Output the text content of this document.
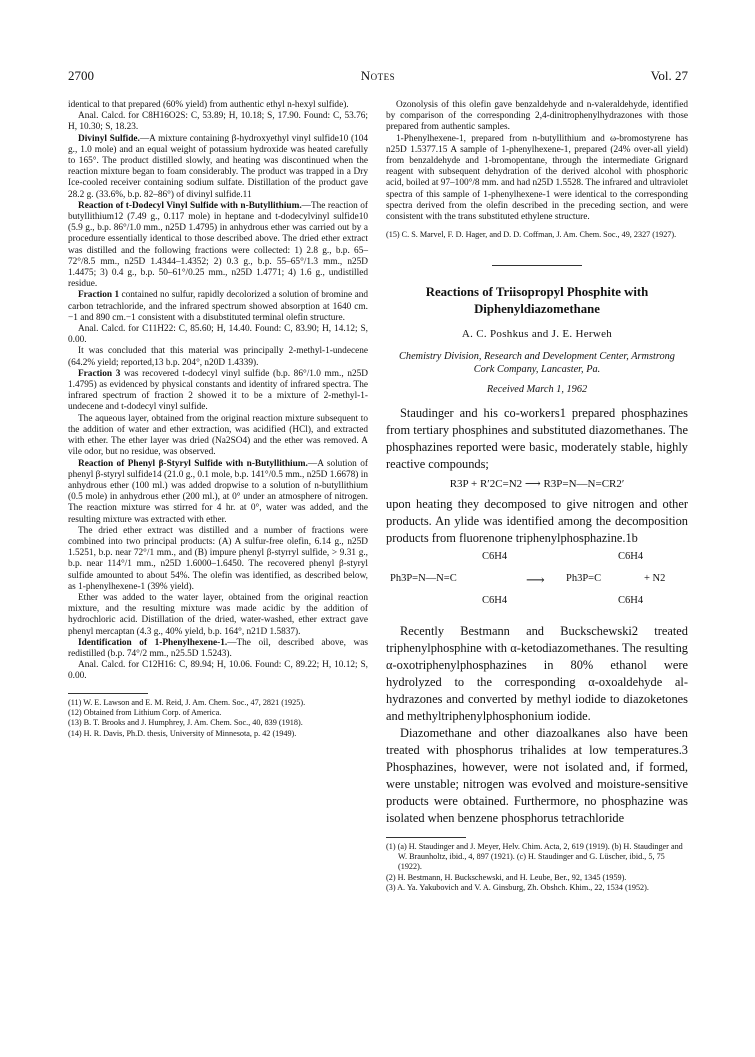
2700	Notes	Vol. 27

identical to that prepared (60% yield) from authentic ethyl n-hexyl sulfide).

Anal. Calcd. for C8H16O2S: C, 53.89; H, 10.18; S, 17.90. Found: C, 53.76; H, 10.30; S, 18.23.

Divinyl Sulfide.—A mixture containing β-hydroxyethyl vinyl sulfide10 (104 g., 1.0 mole) and an equal weight of potassium hydroxide was heated carefully to 165°. The product distilled slowly, and heating was discontinued when the reaction mixture began to foam considerably. The product was trapped in a Dry Ice-cooled receiver containing sodium sulfate. Distillation of the product gave 28.2 g. (33.6%, b.p. 82–86°) of divinyl sulfide.11

Reaction of t-Dodecyl Vinyl Sulfide with n-Butyllithium.—The reaction of butyllithium12 (7.49 g., 0.117 mole) in heptane and t-dodecylvinyl sulfide10 (5.9 g., b.p. 86°/1.0 mm., n25D 1.4795) in anhydrous ether was carried out by a procedure essentially identical to those described above. The dried ether extract was distilled and the following fractions were collected: 1) 2.8 g., b.p. 65–72°/8.5 mm., n25D 1.4344–1.4352; 2) 0.3 g., b.p. 55–65°/1.3 mm., n25D 1.4475; 3) 0.4 g., b.p. 50–61°/0.25 mm., n25D 1.4771; 4) 1.6 g., undistilled residue.

Fraction 1 contained no sulfur, rapidly decolorized a solution of bromine and carbon tetrachloride, and the infrared spectrum showed absorption at 1640 cm.−1 and 890 cm.−1 consistent with a disubstituted terminal olefin structure.

Anal. Calcd. for C11H22: C, 85.60; H, 14.40. Found: C, 83.90; H, 14.12; S, 0.00.

It was concluded that this material was principally 2-methyl-1-undecene (64.2% yield; reported,13 b.p. 204°, n20D 1.4339).

Fraction 3 was recovered t-dodecyl vinyl sulfide (b.p. 86°/1.0 mm., n25D 1.4795) as evidenced by physical constants and identity of infrared spectra. The infrared spectrum of fraction 2 showed it to be a mixture of 2-methyl-1-undecene and t-dodecyl vinyl sulfide.

The aqueous layer, obtained from the original reaction mixture subsequent to the addition of water and ether extraction, was acidified (HCl), and extracted with ether. The ether layer was dried (Na2SO4) and the ether was removed. A vile odor, but no residue, was observed.

Reaction of Phenyl β-Styryl Sulfide with n-Butyllithium.—A solution of phenyl β-styryl sulfide14 (21.0 g., 0.1 mole, b.p. 141°/0.5 mm., n25D 1.6678) in anhydrous ether (100 ml.) was added dropwise to a solution of n-butyllithium (0.5 mole) in anhydrous ether (200 ml.), at 0° under an atmosphere of nitrogen. The reaction mixture was stirred for 4 hr. at 0°, water was added, and the resulting mixture was extracted with ether.

The dried ether extract was distilled and a number of fractions were combined into two principal products: (A) A sulfur-free olefin, 6.14 g., n25D 1.5251, b.p. near 72°/1 mm., and (B) impure phenyl β-styrryl sulfide, > 9.31 g., b.p. near 114°/1 mm., n25D 1.6000–1.6450. The recovered phenyl β-styryl sulfide amounted to about 54%. The olefin was identified, as described below, as 1-phenylhexene-1 (39% yield).

Ether was added to the water layer, obtained from the original reaction mixture, and the resulting mixture was made acidic by the addition of hydrochloric acid. Distillation of the dried, water-washed, ether extract gave phenyl mercaptan (4.3 g., 40% yield, b.p. 164°, n21D 1.5837).

Identification of 1-Phenylhexene-1.—The oil, described above, was redistilled (b.p. 74°/2 mm., n25.5D 1.5243).

Anal. Calcd. for C12H16: C, 89.94; H, 10.06. Found: C, 89.22; H, 10.12; S, 0.00.

(11) W. E. Lawson and E. M. Reid, J. Am. Chem. Soc., 47, 2821 (1925).

(12) Obtained from Lithium Corp. of America.

(13) B. T. Brooks and J. Humphrey, J. Am. Chem. Soc., 40, 839 (1918).

(14) H. R. Davis, Ph.D. thesis, University of Minnesota, p. 42 (1949).

Ozonolysis of this olefin gave benzaldehyde and n-valeraldehyde, identified by comparison of the corresponding 2,4-dinitrophenylhydrazones with those prepared from authentic samples.

1-Phenylhexene-1, prepared from n-butyllithium and ω-bromostyrene has n25D 1.5377.15 A sample of 1-phenylhexene-1, prepared (24% over-all yield) from benzaldehyde and 1-bromopentane, through the intermediate Grignard reagent with subsequent dehydration of the derived alcohol with phosphoric acid, boiled at 97–100°/8 mm. and had n25D 1.5528. The infrared and ultraviolet spectra of this sample of 1-phenylhexene-1 were identical to the corresponding spectra derived from the olefin described in the preceding section, and were consistent with the trans substituted ethylene structure.

(15) C. S. Marvel, F. D. Hager, and D. D. Coffman, J. Am. Chem. Soc., 49, 2327 (1927).

Reactions of Triisopropyl Phosphite with Diphenyldiazomethane

A. C. Poshkus and J. E. Herweh

Chemistry Division, Research and Development Center, Armstrong Cork Company, Lancaster, Pa.

Received March 1, 1962

Staudinger and his co-workers1 prepared phosphazines from tertiary phosphines and substituted diazomethanes. The phosphazines reported were basic, moderately stable, highly reactive compounds;

R3P + R′2C=N2 ⟶ R3P=N—N=CR2′

upon heating they decomposed to give nitrogen and other products. An ylide was identified among the decomposition products from fluorenone triphenylphosphazine.1b

C6H4	C6H4
Ph3P=N—N=C	⟶ Ph3P=C	+ N2
C6H4	C6H4

Recently Bestmann and Buckschewski2 treated triphenylphosphine with α-ketodiazomethanes. The resulting α-oxotriphenylphosphazines in 80% ethanol were hydrolyzed to the corresponding α-oxoaldehyde al-hydrazones and converted by methyl iodide to diazoketones and methyltriphenylphosphonium iodide.

Diazomethane and other diazoalkanes also have been treated with phosphorus trihalides at low temperatures.3 Phosphazines, however, were not isolated and, if formed, were unstable; nitrogen was evolved and moisture-sensitive products were obtained. Furthermore, no phosphazine was isolated when benzene phosphorus tetrachloride

(1) (a) H. Staudinger and J. Meyer, Helv. Chim. Acta, 2, 619 (1919). (b) H. Staudinger and W. Braunholtz, ibid., 4, 897 (1921). (c) H. Staudinger and G. Lüscher, ibid., 5, 75 (1922).

(2) H. Bestmann, H. Buckschewski, and H. Leube, Ber., 92, 1345 (1959).

(3) A. Ya. Yakubovich and V. A. Ginsburg, Zh. Obshch. Khim., 22, 1534 (1952).
